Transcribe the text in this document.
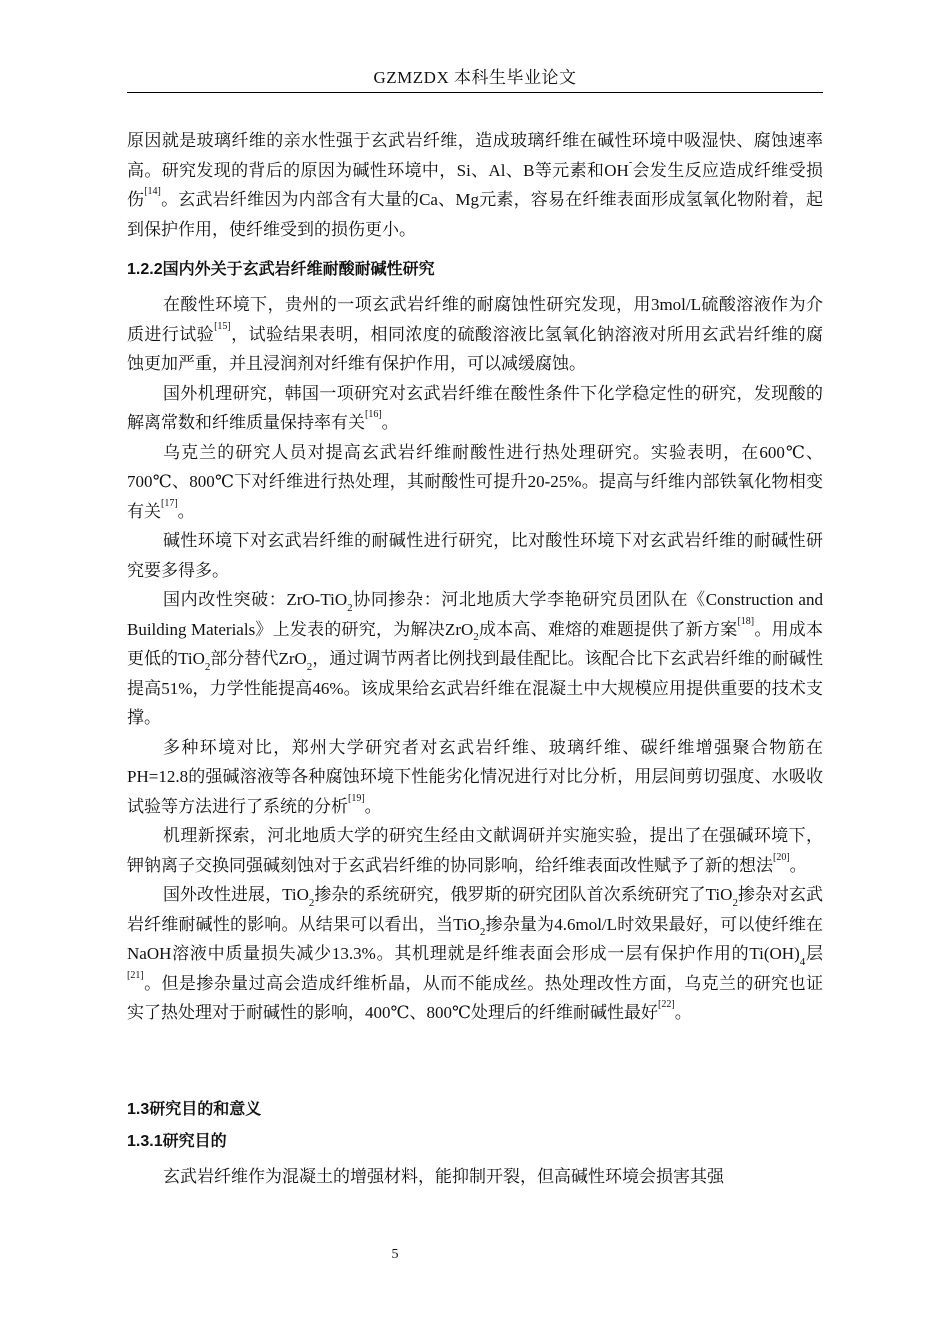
GZMZDX 本科生毕业论文

原因就是玻璃纤维的亲水性强于玄武岩纤维，造成玻璃纤维在碱性环境中吸湿快、腐蚀速率高。研究发现的背后的原因为碱性环境中，Si、Al、B等元素和OH-会发生反应造成纤维受损伤[14]。玄武岩纤维因为内部含有大量的Ca、Mg元素，容易在纤维表面形成氢氧化物附着，起到保护作用，使纤维受到的损伤更小。

1.2.2国内外关于玄武岩纤维耐酸耐碱性研究

在酸性环境下，贵州的一项玄武岩纤维的耐腐蚀性研究发现，用3mol/L硫酸溶液作为介质进行试验[15]，试验结果表明，相同浓度的硫酸溶液比氢氧化钠溶液对所用玄武岩纤维的腐蚀更加严重，并且浸润剂对纤维有保护作用，可以减缓腐蚀。

国外机理研究，韩国一项研究对玄武岩纤维在酸性条件下化学稳定性的研究，发现酸的解离常数和纤维质量保持率有关[16]。

乌克兰的研究人员对提高玄武岩纤维耐酸性进行热处理研究。实验表明，在600℃、700℃、800℃下对纤维进行热处理，其耐酸性可提升20-25%。提高与纤维内部铁氧化物相变有关[17]。

碱性环境下对玄武岩纤维的耐碱性进行研究，比对酸性环境下对玄武岩纤维的耐碱性研究要多得多。

国内改性突破：ZrO-TiO$_2$协同掺杂：河北地质大学李艳研究员团队在《Construction and Building Materials》上发表的研究，为解决ZrO$_2$成本高、难熔的难题提供了新方案[18]。用成本更低的TiO$_2$部分替代ZrO$_2$，通过调节两者比例找到最佳配比。该配合比下玄武岩纤维的耐碱性提高51%，力学性能提高46%。该成果给玄武岩纤维在混凝土中大规模应用提供重要的技术支撑。

多种环境对比，郑州大学研究者对玄武岩纤维、玻璃纤维、碳纤维增强聚合物筋在PH=12.8的强碱溶液等各种腐蚀环境下性能劣化情况进行对比分析，用层间剪切强度、水吸收试验等方法进行了系统的分析[19]。

机理新探索，河北地质大学的研究生经由文献调研并实施实验，提出了在强碱环境下，钾钠离子交换同强碱刻蚀对于玄武岩纤维的协同影响，给纤维表面改性赋予了新的想法[20]。

国外改性进展，TiO$_2$掺杂的系统研究，俄罗斯的研究团队首次系统研究了TiO$_2$掺杂对玄武岩纤维耐碱性的影响。从结果可以看出，当TiO$_2$掺杂量为4.6mol/L时效果最好，可以使纤维在NaOH溶液中质量损失减少13.3%。其机理就是纤维表面会形成一层有保护作用的$Ti(OH)_4$层[21]。但是掺杂量过高会造成纤维析晶，从而不能成丝。热处理改性方面，乌克兰的研究也证实了热处理对于耐碱性的影响，400℃、800℃处理后的纤维耐碱性最好[22]。

1.3研究目的和意义
1.3.1研究目的

玄武岩纤维作为混凝土的增强材料，能抑制开裂，但高碱性环境会损害其强

5
